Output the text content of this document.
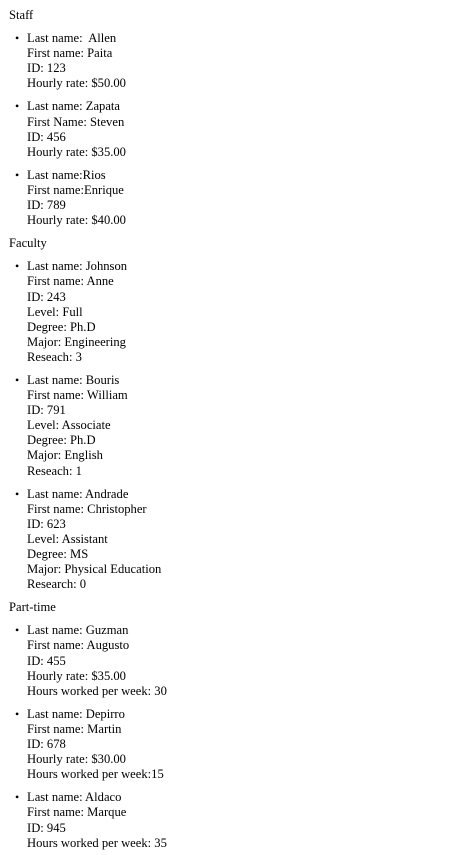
Staff
• Last name:  Allen
First name: Paita
ID: 123
Hourly rate: $50.00
• Last name: Zapata
First Name: Steven
ID: 456
Hourly rate: $35.00
• Last name:Rios
First name:Enrique
ID: 789
Hourly rate: $40.00
Faculty
• Last name: Johnson
First name: Anne
ID: 243
Level: Full
Degree: Ph.D
Major: Engineering
Reseach: 3
• Last name: Bouris
First name: William
ID: 791
Level: Associate
Degree: Ph.D
Major: English
Reseach: 1
• Last name: Andrade
First name: Christopher
ID: 623
Level: Assistant
Degree: MS
Major: Physical Education
Research: 0
Part-time
• Last name: Guzman
First name: Augusto
ID: 455
Hourly rate: $35.00
Hours worked per week: 30
• Last name: Depirro
First name: Martin
ID: 678
Hourly rate: $30.00
Hours worked per week:15
• Last name: Aldaco
First name: Marque
ID: 945
Hours worked per week: 35
